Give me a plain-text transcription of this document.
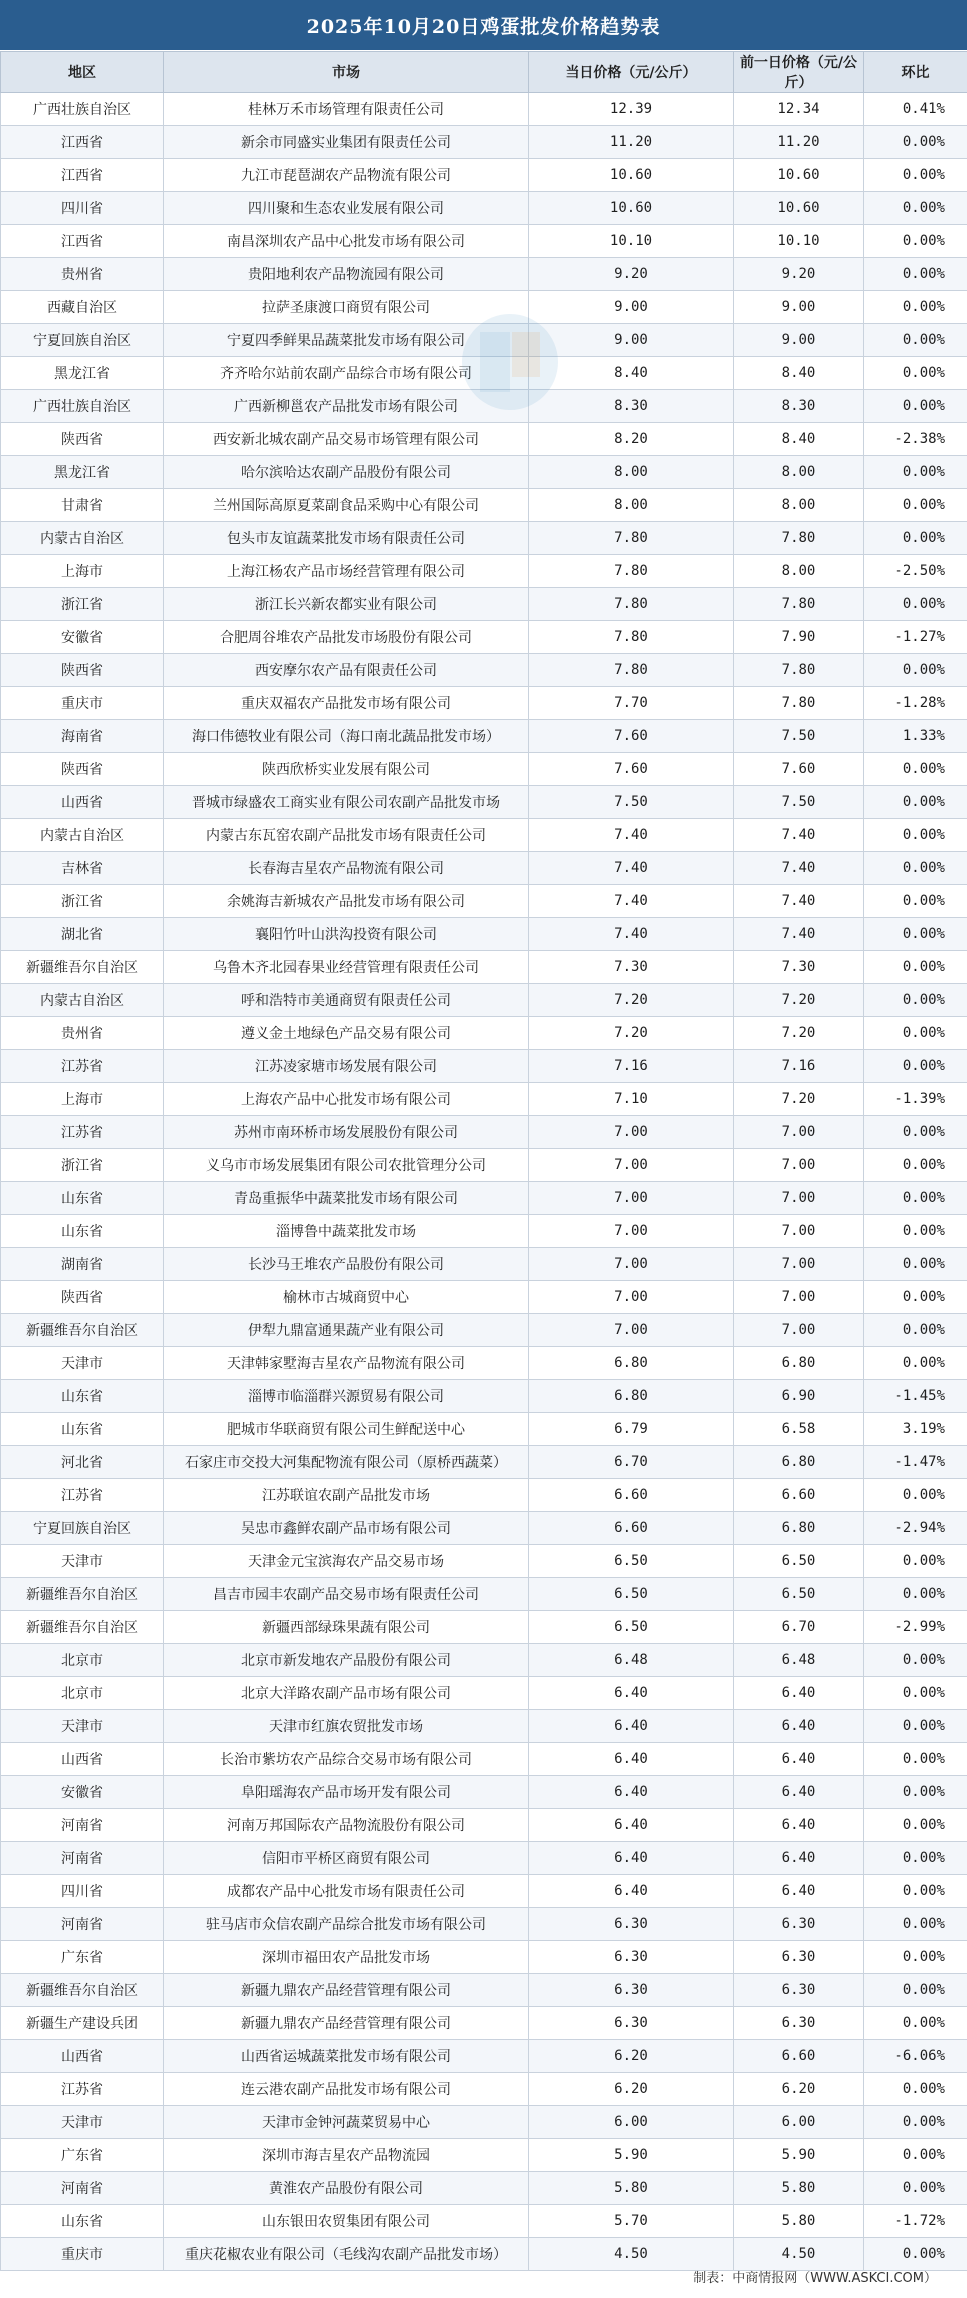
2025年10月20日鸡蛋批发价格趋势表
地区	市场	当日价格（元/公斤）	前一日价格（元/公斤）	环比
广西壮族自治区	桂林万禾市场管理有限责任公司	12.39	12.34	0.41%
江西省	新余市同盛实业集团有限责任公司	11.20	11.20	0.00%
江西省	九江市琵琶湖农产品物流有限公司	10.60	10.60	0.00%
四川省	四川聚和生态农业发展有限公司	10.60	10.60	0.00%
江西省	南昌深圳农产品中心批发市场有限公司	10.10	10.10	0.00%
贵州省	贵阳地利农产品物流园有限公司	9.20	9.20	0.00%
西藏自治区	拉萨圣康渡口商贸有限公司	9.00	9.00	0.00%
宁夏回族自治区	宁夏四季鲜果品蔬菜批发市场有限公司	9.00	9.00	0.00%
黑龙江省	齐齐哈尔站前农副产品综合市场有限公司	8.40	8.40	0.00%
广西壮族自治区	广西新柳邕农产品批发市场有限公司	8.30	8.30	0.00%
陕西省	西安新北城农副产品交易市场管理有限公司	8.20	8.40	-2.38%
黑龙江省	哈尔滨哈达农副产品股份有限公司	8.00	8.00	0.00%
甘肃省	兰州国际高原夏菜副食品采购中心有限公司	8.00	8.00	0.00%
内蒙古自治区	包头市友谊蔬菜批发市场有限责任公司	7.80	7.80	0.00%
上海市	上海江杨农产品市场经营管理有限公司	7.80	8.00	-2.50%
浙江省	浙江长兴新农都实业有限公司	7.80	7.80	0.00%
安徽省	合肥周谷堆农产品批发市场股份有限公司	7.80	7.90	-1.27%
陕西省	西安摩尔农产品有限责任公司	7.80	7.80	0.00%
重庆市	重庆双福农产品批发市场有限公司	7.70	7.80	-1.28%
海南省	海口伟德牧业有限公司（海口南北蔬品批发市场）	7.60	7.50	1.33%
陕西省	陕西欣桥实业发展有限公司	7.60	7.60	0.00%
山西省	晋城市绿盛农工商实业有限公司农副产品批发市场	7.50	7.50	0.00%
内蒙古自治区	内蒙古东瓦窑农副产品批发市场有限责任公司	7.40	7.40	0.00%
吉林省	长春海吉星农产品物流有限公司	7.40	7.40	0.00%
浙江省	余姚海吉新城农产品批发市场有限公司	7.40	7.40	0.00%
湖北省	襄阳竹叶山洪沟投资有限公司	7.40	7.40	0.00%
新疆维吾尔自治区	乌鲁木齐北园春果业经营管理有限责任公司	7.30	7.30	0.00%
内蒙古自治区	呼和浩特市美通商贸有限责任公司	7.20	7.20	0.00%
贵州省	遵义金土地绿色产品交易有限公司	7.20	7.20	0.00%
江苏省	江苏凌家塘市场发展有限公司	7.16	7.16	0.00%
上海市	上海农产品中心批发市场有限公司	7.10	7.20	-1.39%
江苏省	苏州市南环桥市场发展股份有限公司	7.00	7.00	0.00%
浙江省	义乌市市场发展集团有限公司农批管理分公司	7.00	7.00	0.00%
山东省	青岛重振华中蔬菜批发市场有限公司	7.00	7.00	0.00%
山东省	淄博鲁中蔬菜批发市场	7.00	7.00	0.00%
湖南省	长沙马王堆农产品股份有限公司	7.00	7.00	0.00%
陕西省	榆林市古城商贸中心	7.00	7.00	0.00%
新疆维吾尔自治区	伊犁九鼎富通果蔬产业有限公司	7.00	7.00	0.00%
天津市	天津韩家墅海吉星农产品物流有限公司	6.80	6.80	0.00%
山东省	淄博市临淄群兴源贸易有限公司	6.80	6.90	-1.45%
山东省	肥城市华联商贸有限公司生鲜配送中心	6.79	6.58	3.19%
河北省	石家庄市交投大河集配物流有限公司（原桥西蔬菜）	6.70	6.80	-1.47%
江苏省	江苏联谊农副产品批发市场	6.60	6.60	0.00%
宁夏回族自治区	吴忠市鑫鲜农副产品市场有限公司	6.60	6.80	-2.94%
天津市	天津金元宝滨海农产品交易市场	6.50	6.50	0.00%
新疆维吾尔自治区	昌吉市园丰农副产品交易市场有限责任公司	6.50	6.50	0.00%
新疆维吾尔自治区	新疆西部绿珠果蔬有限公司	6.50	6.70	-2.99%
北京市	北京市新发地农产品股份有限公司	6.48	6.48	0.00%
北京市	北京大洋路农副产品市场有限公司	6.40	6.40	0.00%
天津市	天津市红旗农贸批发市场	6.40	6.40	0.00%
山西省	长治市紫坊农产品综合交易市场有限公司	6.40	6.40	0.00%
安徽省	阜阳瑶海农产品市场开发有限公司	6.40	6.40	0.00%
河南省	河南万邦国际农产品物流股份有限公司	6.40	6.40	0.00%
河南省	信阳市平桥区商贸有限公司	6.40	6.40	0.00%
四川省	成都农产品中心批发市场有限责任公司	6.40	6.40	0.00%
河南省	驻马店市众信农副产品综合批发市场有限公司	6.30	6.30	0.00%
广东省	深圳市福田农产品批发市场	6.30	6.30	0.00%
新疆维吾尔自治区	新疆九鼎农产品经营管理有限公司	6.30	6.30	0.00%
新疆生产建设兵团	新疆九鼎农产品经营管理有限公司	6.30	6.30	0.00%
山西省	山西省运城蔬菜批发市场有限公司	6.20	6.60	-6.06%
江苏省	连云港农副产品批发市场有限公司	6.20	6.20	0.00%
天津市	天津市金钟河蔬菜贸易中心	6.00	6.00	0.00%
广东省	深圳市海吉星农产品物流园	5.90	5.90	0.00%
河南省	黄淮农产品股份有限公司	5.80	5.80	0.00%
山东省	山东银田农贸集团有限公司	5.70	5.80	-1.72%
重庆市	重庆花椒农业有限公司（毛线沟农副产品批发市场）	4.50	4.50	0.00%
制表：中商情报网（WWW.ASKCI.COM）
